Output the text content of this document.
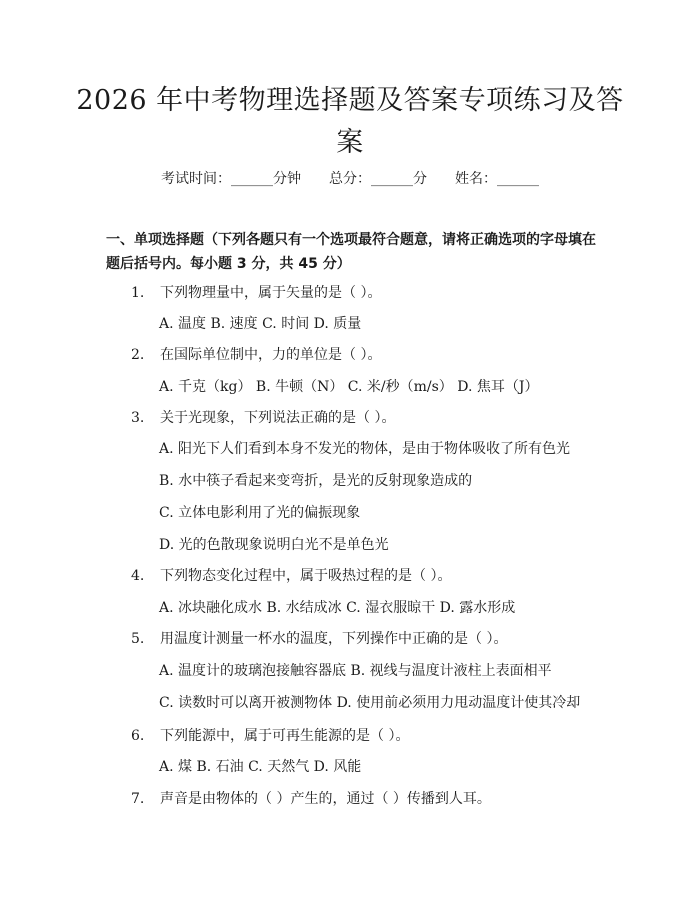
2026 年中考物理选择题及答案专项练习及答
案
考试时间：______分钟 总分：______分 姓名：______
一、单项选择题（下列各题只有一个选项最符合题意，请将正确选项的字母填在题后括号内。每小题 3 分，共 45 分）
1. 下列物理量中，属于矢量的是（ ）。
A. 温度 B. 速度 C. 时间 D. 质量
2. 在国际单位制中，力的单位是（ ）。
A. 千克（kg） B. 牛顿（N） C. 米/秒（m/s） D. 焦耳（J）
3. 关于光现象，下列说法正确的是（ ）。
A. 阳光下人们看到本身不发光的物体，是由于物体吸收了所有色光
B. 水中筷子看起来变弯折，是光的反射现象造成的
C. 立体电影利用了光的偏振现象
D. 光的色散现象说明白光不是单色光
4. 下列物态变化过程中，属于吸热过程的是（ ）。
A. 冰块融化成水 B. 水结成冰 C. 湿衣服晾干 D. 露水形成
5. 用温度计测量一杯水的温度，下列操作中正确的是（ ）。
A. 温度计的玻璃泡接触容器底 B. 视线与温度计液柱上表面相平
C. 读数时可以离开被测物体 D. 使用前必须用力甩动温度计使其冷却
6. 下列能源中，属于可再生能源的是（ ）。
A. 煤 B. 石油 C. 天然气 D. 风能
7. 声音是由物体的（ ）产生的，通过（ ）传播到人耳。
